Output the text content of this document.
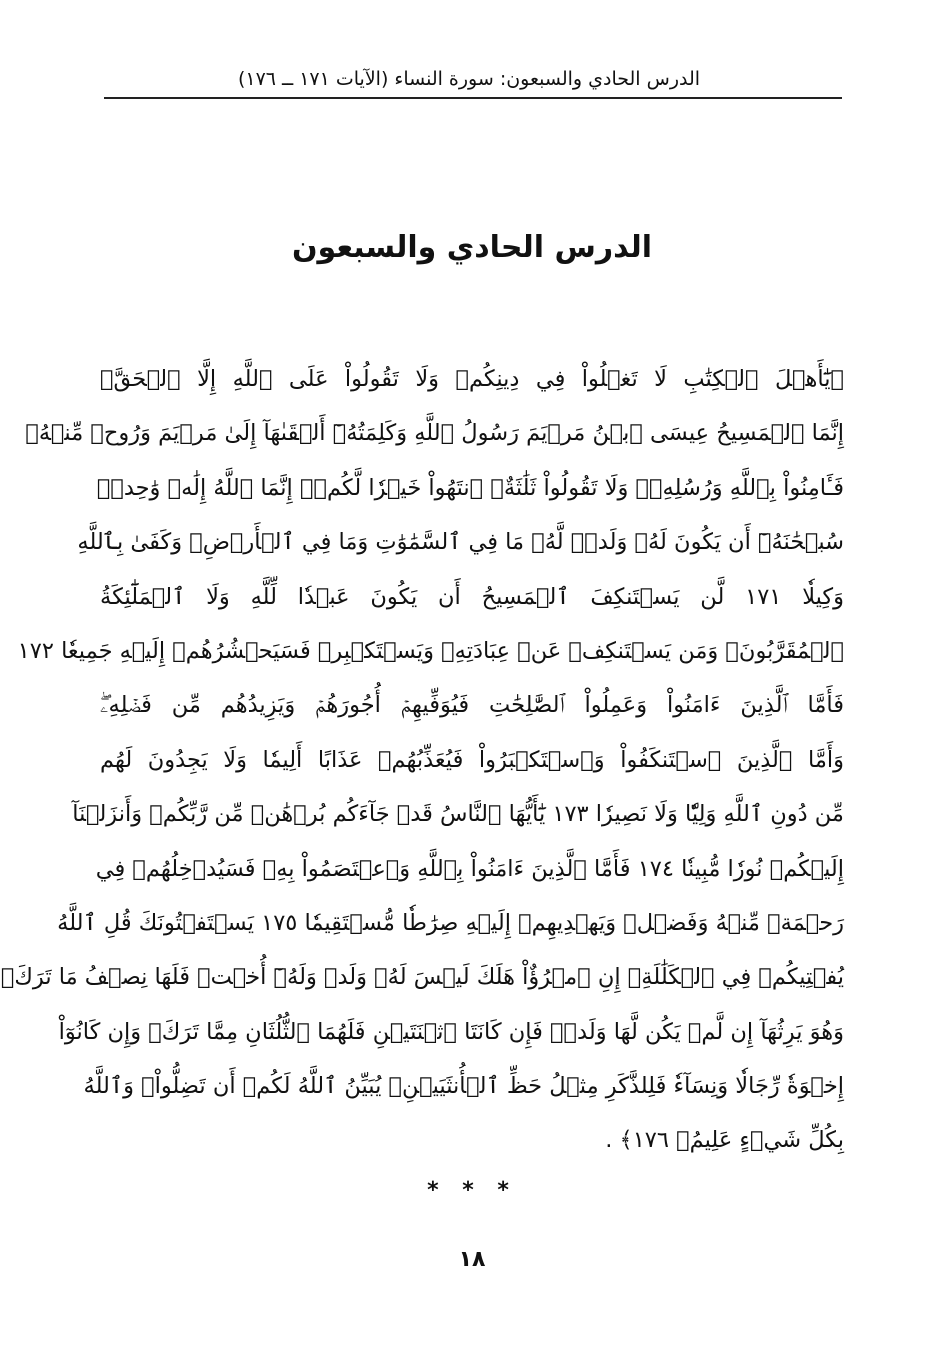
الدرس الحادي والسبعون: سورة النساء (الآيات ١٧١ ــ ١٧٦)
الدرس الحادي والسبعون
﴿يَٰٓأَهۡلَ ٱلۡكِتَٰبِ لَا تَغۡلُواْ فِي دِينِكُمۡ وَلَا تَقُولُواْ عَلَى ٱللَّهِ إِلَّا ٱلۡحَقَّۚ
إِنَّمَا ٱلۡمَسِيحُ عِيسَى ٱبۡنُ مَرۡيَمَ رَسُولُ ٱللَّهِ وَكَلِمَتُهُۥٓ أَلۡقَىٰهَآ إِلَىٰ مَرۡيَمَ وَرُوحٞ مِّنۡهُۖ
فَـَٔامِنُواْ بِٱللَّهِ وَرُسُلِهِۦۖ وَلَا تَقُولُواْ ثَلَٰثَةٌۚ ٱنتَهُواْ خَيۡرٗا لَّكُمۡۚ إِنَّمَا ٱللَّهُ إِلَٰهٞ وَٰحِدٞۖ
سُبۡحَٰنَهُۥٓ أَن يَكُونَ لَهُۥ وَلَدٞۘ لَّهُۥ مَا فِي ٱلسَّمَٰوَٰتِ وَمَا فِي ٱلۡأَرۡضِۗ وَكَفَىٰ بِٱللَّهِ
وَكِيلٗا ١٧١ لَّن يَسۡتَنكِفَ ٱلۡمَسِيحُ أَن يَكُونَ عَبۡدٗا لِّلَّهِ وَلَا ٱلۡمَلَٰٓئِكَةُ
ٱلۡمُقَرَّبُونَۚ وَمَن يَسۡتَنكِفۡ عَنۡ عِبَادَتِهِۦ وَيَسۡتَكۡبِرۡ فَسَيَحۡشُرُهُمۡ إِلَيۡهِ جَمِيعٗا ١٧٢
فَأَمَّا ٱلَّذِينَ ءَامَنُواْ وَعَمِلُواْ ٱلصَّٰلِحَٰتِ فَيُوَفِّيهِمۡ أُجُورَهُمۡ وَيَزِيدُهُم مِّن فَضۡلِهِۦۖ
وَأَمَّا ٱلَّذِينَ ٱسۡتَنكَفُواْ وَٱسۡتَكۡبَرُواْ فَيُعَذِّبُهُمۡ عَذَابًا أَلِيمٗا وَلَا يَجِدُونَ لَهُم
مِّن دُونِ ٱللَّهِ وَلِيّٗا وَلَا نَصِيرٗا ١٧٣ يَٰٓأَيُّهَا ٱلنَّاسُ قَدۡ جَآءَكُم بُرۡهَٰنٞ مِّن رَّبِّكُمۡ وَأَنزَلۡنَآ
إِلَيۡكُمۡ نُورٗا مُّبِينٗا ١٧٤ فَأَمَّا ٱلَّذِينَ ءَامَنُواْ بِٱللَّهِ وَٱعۡتَصَمُواْ بِهِۦ فَسَيُدۡخِلُهُمۡ فِي
رَحۡمَةٖ مِّنۡهُ وَفَضۡلٖ وَيَهۡدِيهِمۡ إِلَيۡهِ صِرَٰطٗا مُّسۡتَقِيمٗا ١٧٥ يَسۡتَفۡتُونَكَ قُلِ ٱللَّهُ
يُفۡتِيكُمۡ فِي ٱلۡكَلَٰلَةِۚ إِنِ ٱمۡرُؤٌاْ هَلَكَ لَيۡسَ لَهُۥ وَلَدٞ وَلَهُۥٓ أُخۡتٞ فَلَهَا نِصۡفُ مَا تَرَكَۚ
وَهُوَ يَرِثُهَآ إِن لَّمۡ يَكُن لَّهَا وَلَدٞۚ فَإِن كَانَتَا ٱثۡنَتَيۡنِ فَلَهُمَا ٱلثُّلُثَانِ مِمَّا تَرَكَۚ وَإِن كَانُوٓاْ
إِخۡوَةٗ رِّجَالٗا وَنِسَآءٗ فَلِلذَّكَرِ مِثۡلُ حَظِّ ٱلۡأُنثَيَيۡنِۗ يُبَيِّنُ ٱللَّهُ لَكُمۡ أَن تَضِلُّواْۗ وَٱللَّهُ
بِكُلِّ شَيۡءٍ عَلِيمُۢ ١٧٦﴾ .
* * *
١٨
